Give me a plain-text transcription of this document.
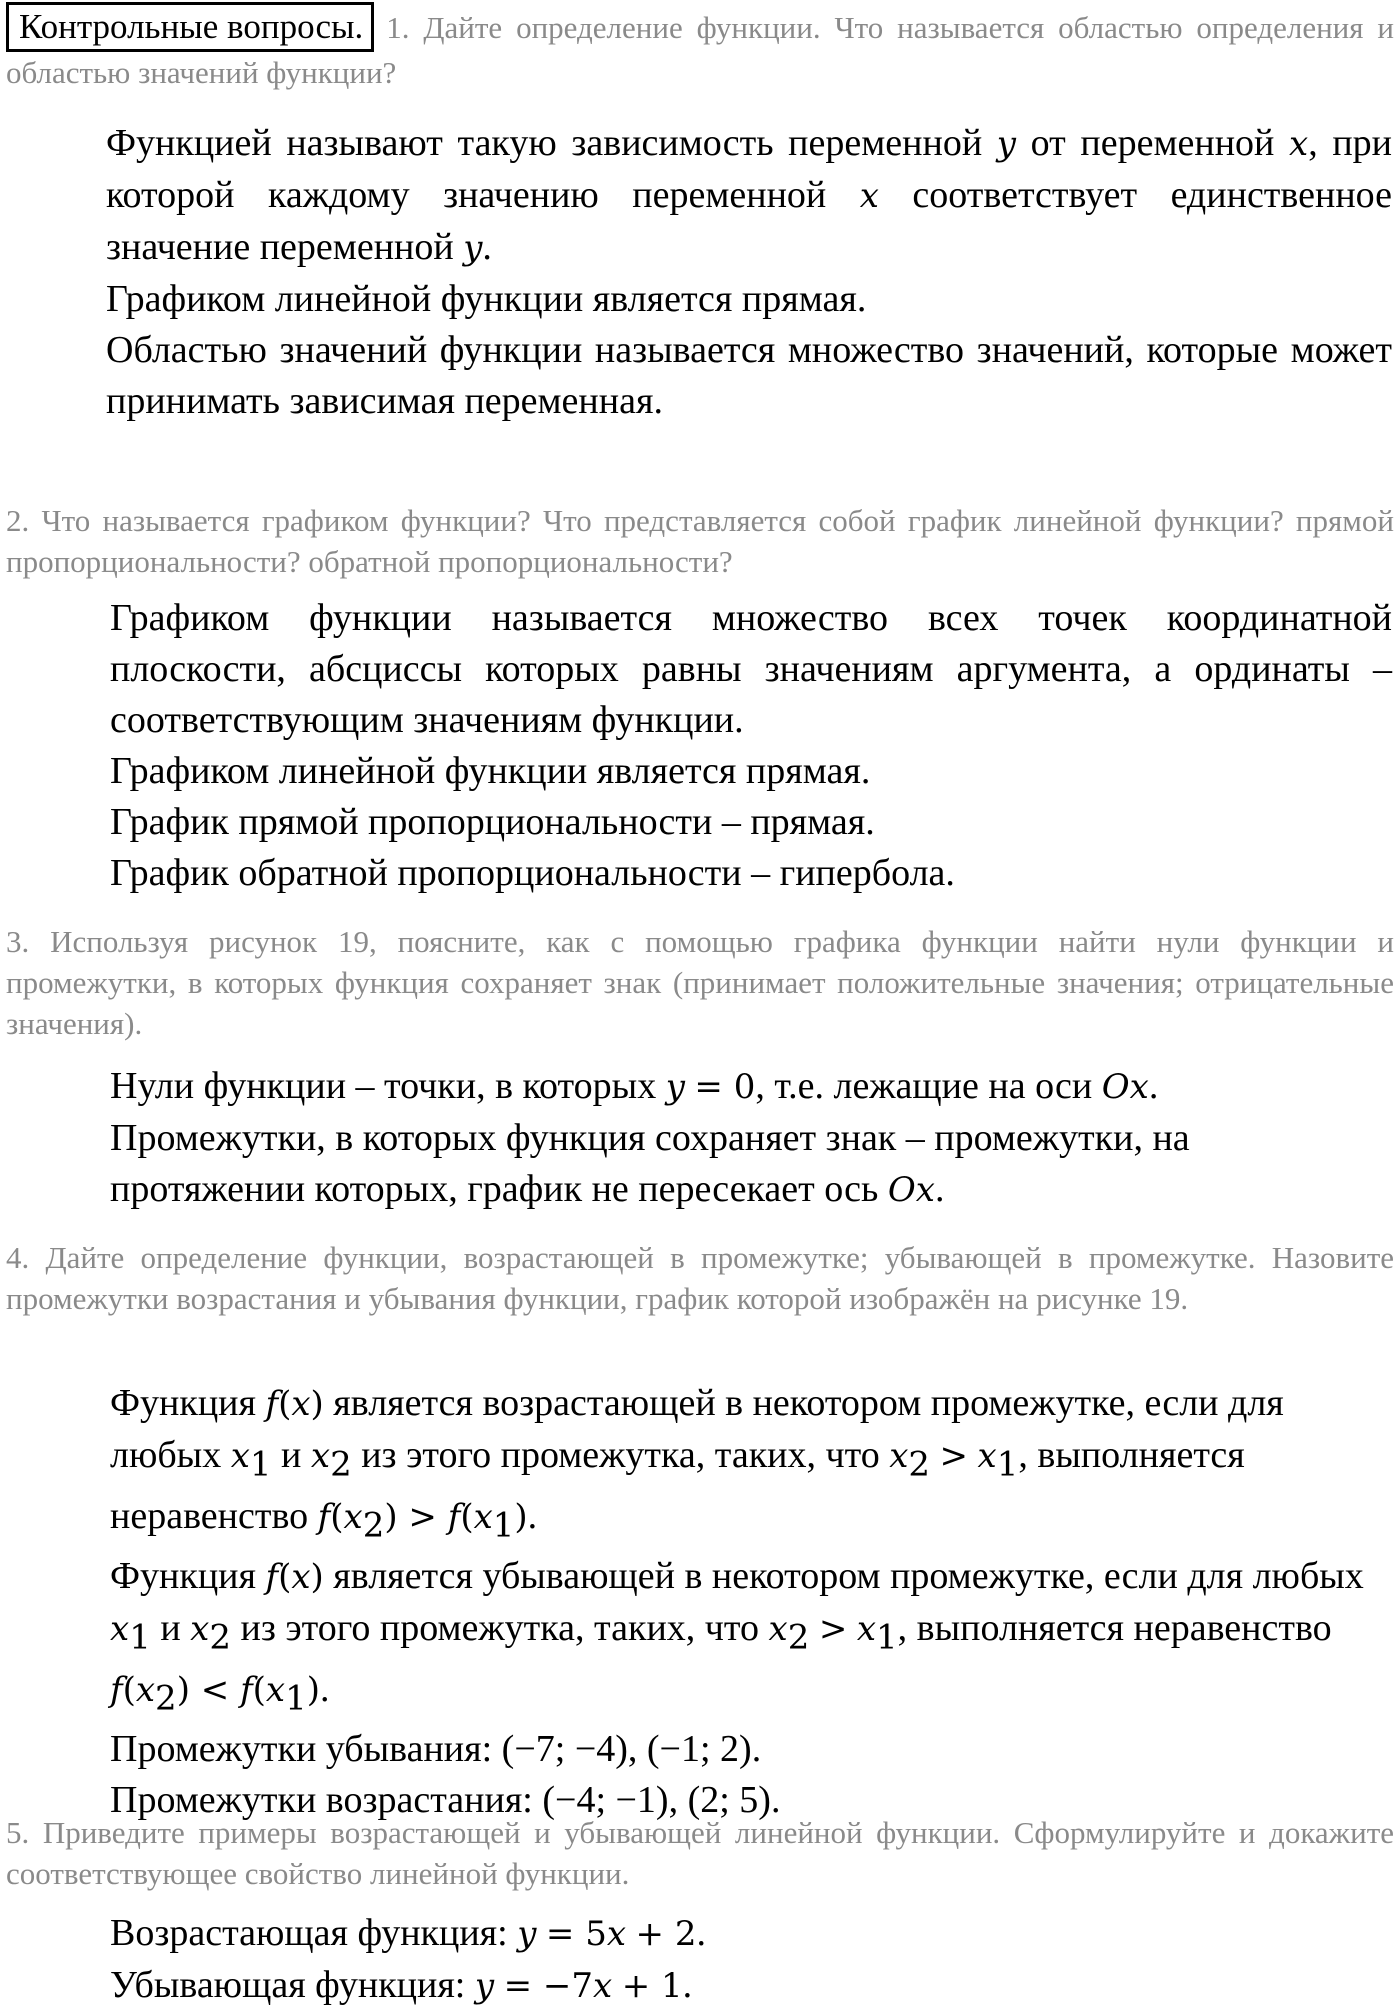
Контрольные вопросы. 1. Дайте определение функции. Что называется областью определения и областью значений функции?

Функцией называют такую зависимость переменной y от переменной x, при которой каждому значению переменной x соответствует единственное значение переменной y.

Графиком линейной функции является прямая.

Областью значений функции называется множество значений, которые может принимать зависимая переменная.

2. Что называется графиком функции? Что представляется собой график линейной функции? прямой пропорциональности? обратной пропорциональности?

Графиком функции называется множество всех точек координатной плоскости, абсциссы которых равны значениям аргумента, а ординаты – соответствующим значениям функции.

Графиком линейной функции является прямая.

График прямой пропорциональности – прямая.

График обратной пропорциональности – гипербола.

3. Используя рисунок 19, поясните, как с помощью графика функции найти нули функции и промежутки, в которых функция сохраняет знак (принимает положительные значения; отрицательные значения).

Нули функции – точки, в которых y = 0, т.е. лежащие на оси Ox.

Промежутки, в которых функция сохраняет знак – промежутки, на протяжении которых, график не пересекает ось Ox.

4. Дайте определение функции, возрастающей в промежутке; убывающей в промежутке. Назовите промежутки возрастания и убывания функции, график которой изображён на рисунке 19.

Функция f(x) является возрастающей в некотором промежутке, если для любых $x_1$ и $x_2$ из этого промежутка, таких, что $x_2 > x_1$, выполняется неравенство $f(x_2) > f(x_1)$.

Функция f(x) является убывающей в некотором промежутке, если для любых $x_1$ и $x_2$ из этого промежутка, таких, что $x_2 > x_1$, выполняется неравенство $f(x_2) < f(x_1)$.

Промежутки убывания: (−7; −4), (−1; 2).

Промежутки возрастания: (−4; −1), (2; 5).

5. Приведите примеры возрастающей и убывающей линейной функции. Сформулируйте и докажите соответствующее свойство линейной функции.

Возрастающая функция: y = 5x + 2.

Убывающая функция: y = −7x + 1.
